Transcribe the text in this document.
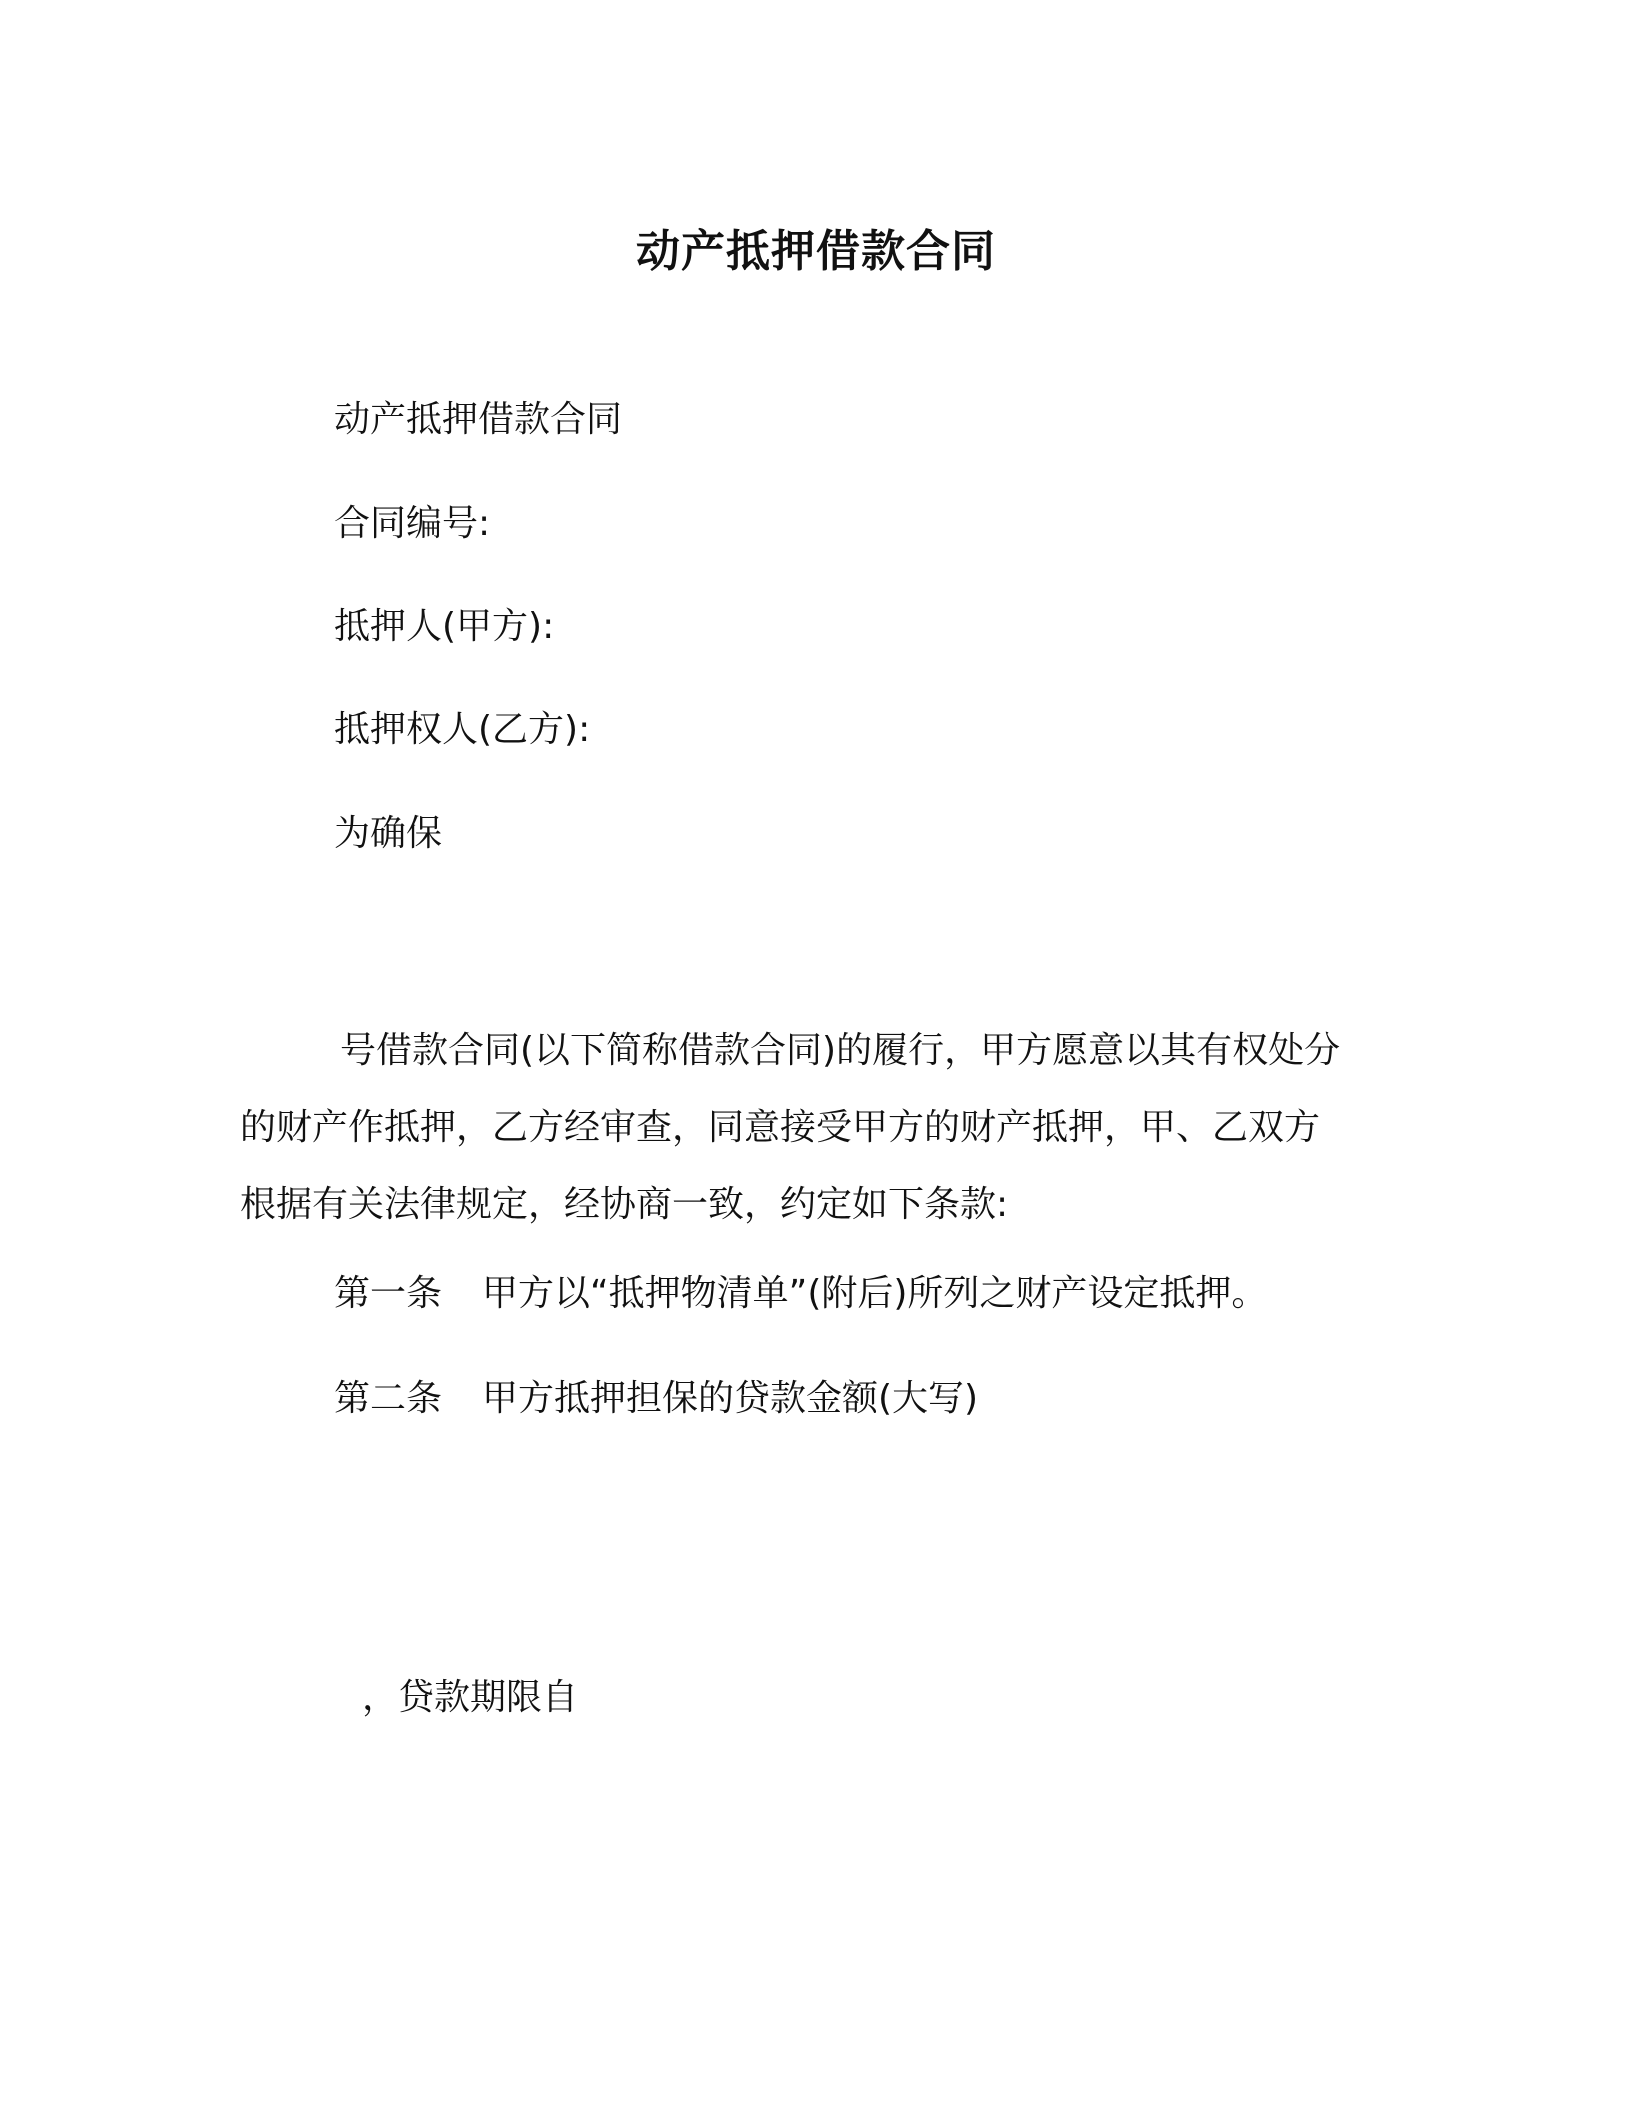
动产抵押借款合同
动产抵押借款合同
合同编号:
抵押人(甲方):
抵押权人(乙方):
为确保
号借款合同(以下简称借款合同)的履行，甲方愿意以其有权处分
的财产作抵押，乙方经审查，同意接受甲方的财产抵押，甲、乙双方
根据有关法律规定，经协商一致，约定如下条款:
第一条 甲方以“抵押物清单”(附后)所列之财产设定抵押。
第二条 甲方抵押担保的贷款金额(大写)
，贷款期限自
